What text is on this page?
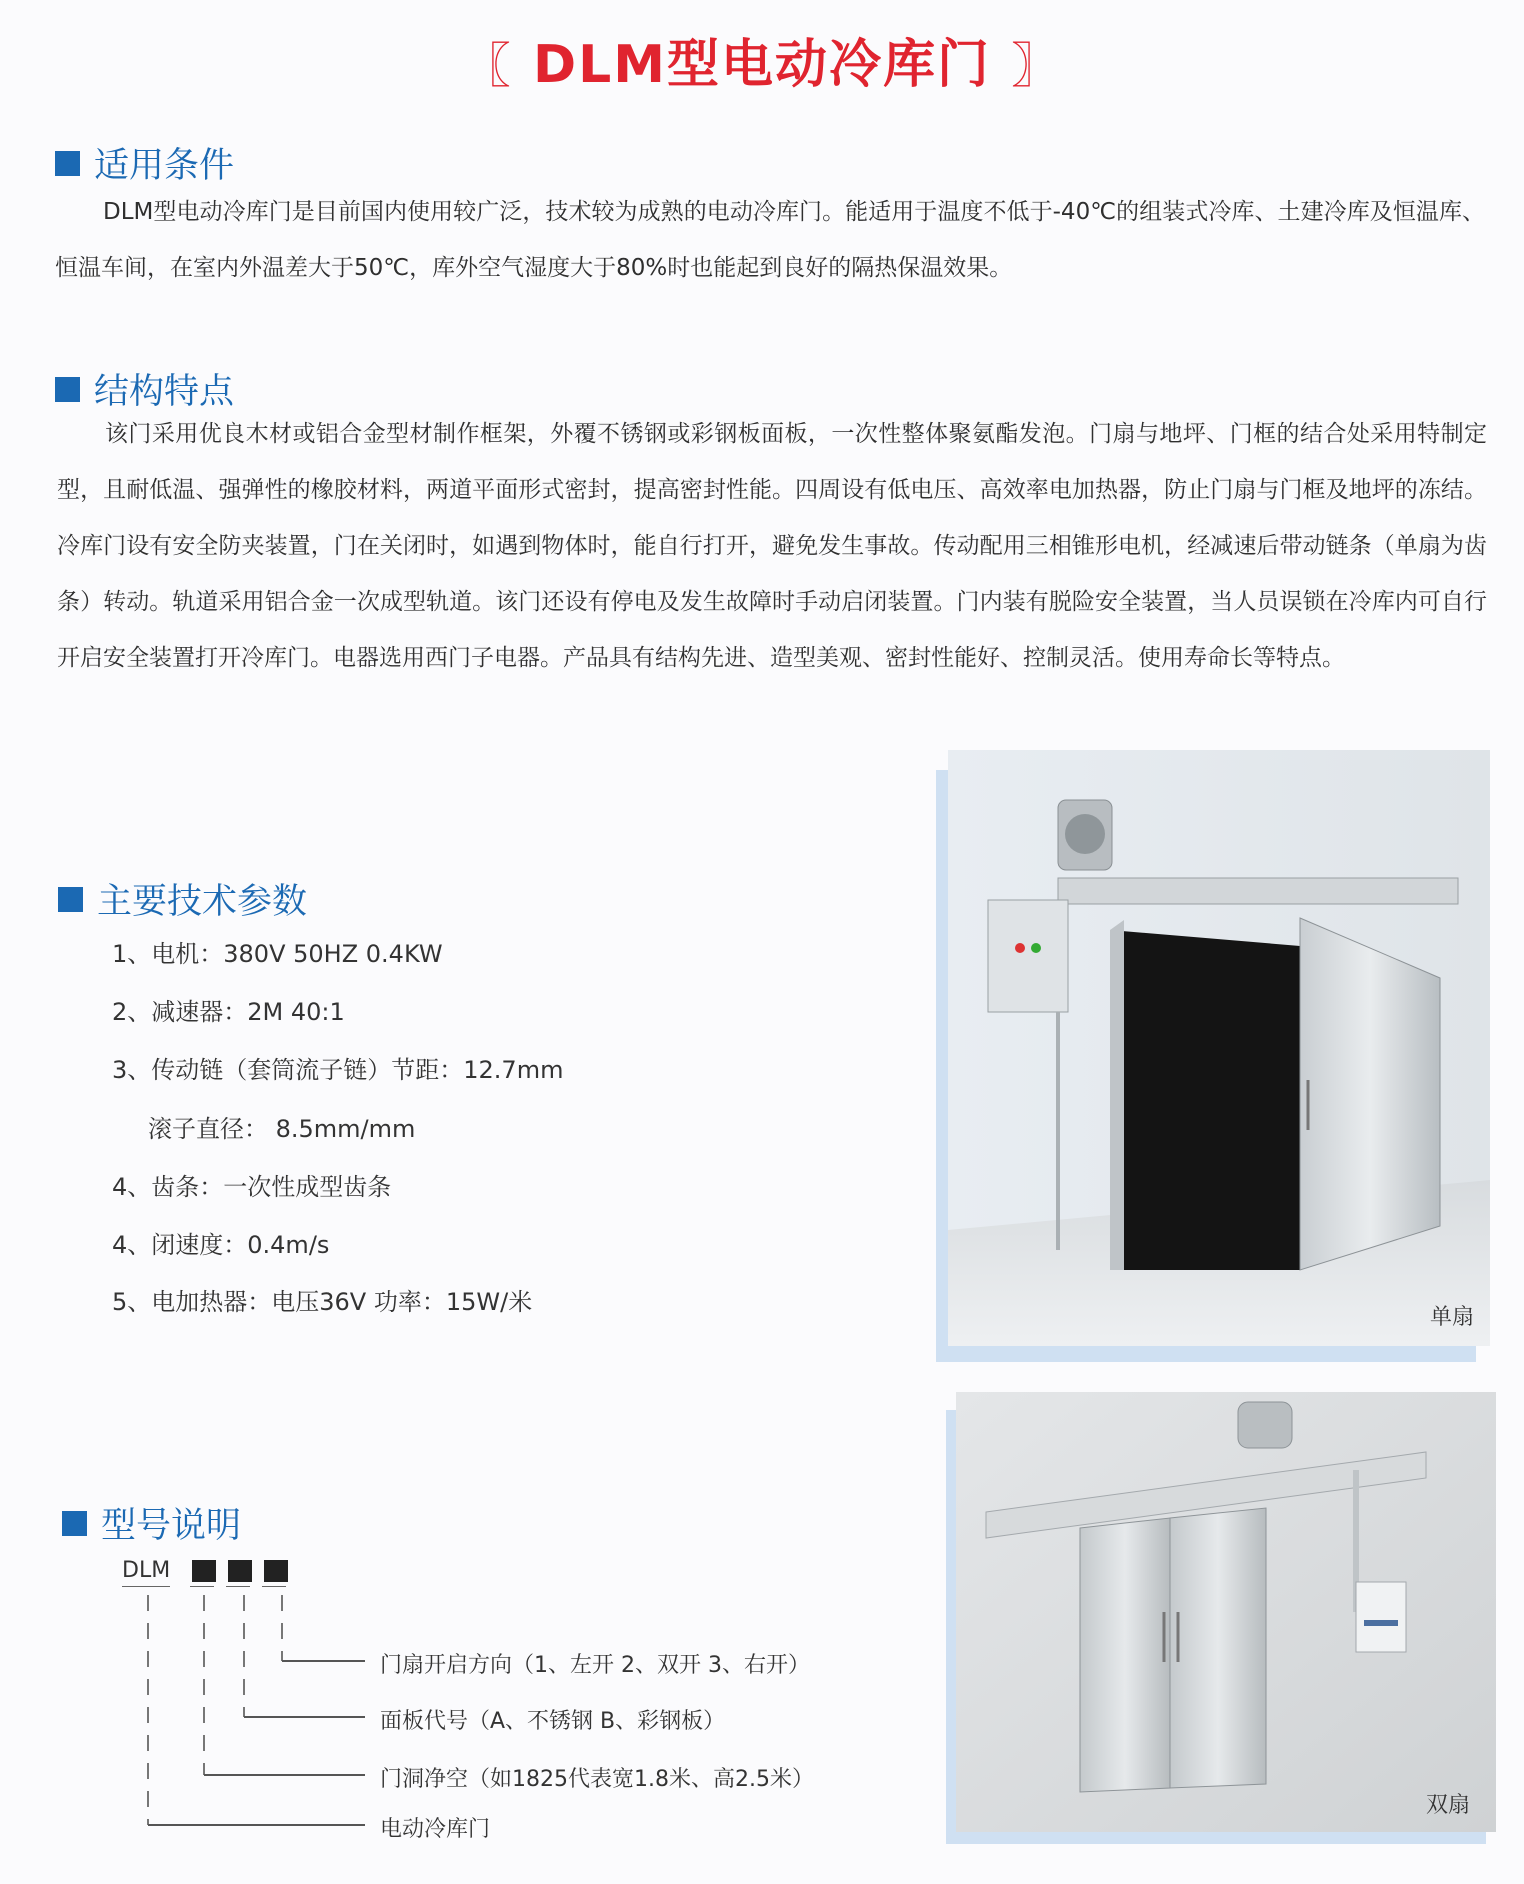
〖 DLM型电动冷库门 〗
适用条件
DLM型电动冷库门是目前国内使用较广泛，技术较为成熟的电动冷库门。能适用于温度不低于-40℃的组装式冷库、土建冷库及恒温库、恒温车间，在室内外温差大于50℃，库外空气湿度大于80%时也能起到良好的隔热保温效果。
结构特点
该门采用优良木材或铝合金型材制作框架，外覆不锈钢或彩钢板面板，一次性整体聚氨酯发泡。门扇与地坪、门框的结合处采用特制定型，且耐低温、强弹性的橡胶材料，两道平面形式密封，提高密封性能。四周设有低电压、高效率电加热器，防止门扇与门框及地坪的冻结。冷库门设有安全防夹装置，门在关闭时，如遇到物体时，能自行打开，避免发生事故。传动配用三相锥形电机，经减速后带动链条（单扇为齿条）转动。轨道采用铝合金一次成型轨道。该门还设有停电及发生故障时手动启闭装置。门内装有脱险安全装置，当人员误锁在冷库内可自行开启安全装置打开冷库门。电器选用西门子电器。产品具有结构先进、造型美观、密封性能好、控制灵活。使用寿命长等特点。
主要技术参数
1、电机：380V 50HZ 0.4KW
2、减速器：2M 40:1
3、传动链（套筒流子链）节距：12.7mm
滚子直径： 8.5mm/mm
4、齿条：一次性成型齿条
4、闭速度：0.4m/s
5、电加热器：电压36V 功率：15W/米
型号说明
DLM
门扇开启方向（1、左开 2、双开 3、右开）
面板代号（A、不锈钢 B、彩钢板）
门洞净空（如1825代表宽1.8米、高2.5米）
电动冷库门
单扇
双扇
